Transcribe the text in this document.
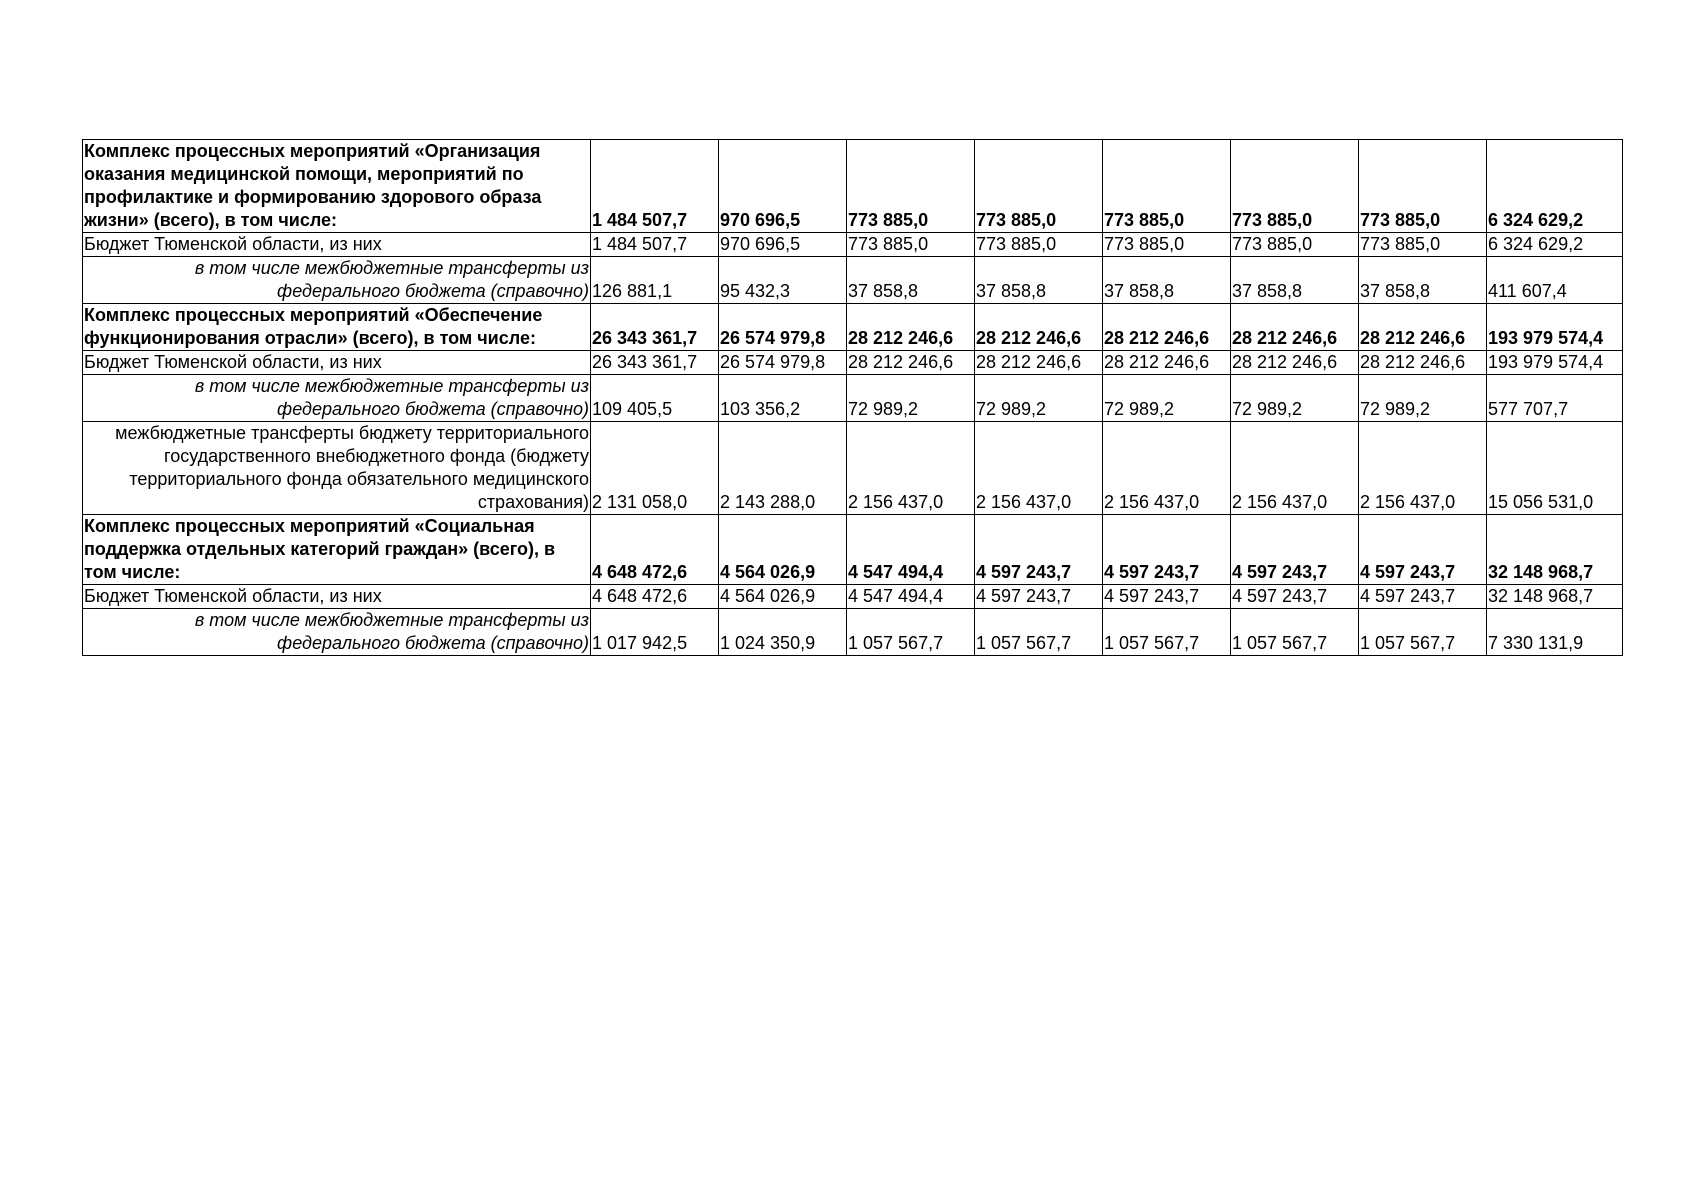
Комплекс процессных мероприятий «Организация оказания медицинской помощи, мероприятий по профилактике и формированию здорового образа жизни» (всего), в том числе:	1 484 507,7	970 696,5	773 885,0	773 885,0	773 885,0	773 885,0	773 885,0	6 324 629,2
Бюджет Тюменской области, из них	1 484 507,7	970 696,5	773 885,0	773 885,0	773 885,0	773 885,0	773 885,0	6 324 629,2
в том числе межбюджетные трансферты из федерального бюджета (справочно)	126 881,1	95 432,3	37 858,8	37 858,8	37 858,8	37 858,8	37 858,8	411 607,4
Комплекс процессных мероприятий «Обеспечение функционирования отрасли» (всего), в том числе:	26 343 361,7	26 574 979,8	28 212 246,6	28 212 246,6	28 212 246,6	28 212 246,6	28 212 246,6	193 979 574,4
Бюджет Тюменской области, из них	26 343 361,7	26 574 979,8	28 212 246,6	28 212 246,6	28 212 246,6	28 212 246,6	28 212 246,6	193 979 574,4
в том числе межбюджетные трансферты из федерального бюджета (справочно)	109 405,5	103 356,2	72 989,2	72 989,2	72 989,2	72 989,2	72 989,2	577 707,7
межбюджетные трансферты бюджету территориального государственного внебюджетного фонда (бюджету территориального фонда обязательного медицинского страхования)	2 131 058,0	2 143 288,0	2 156 437,0	2 156 437,0	2 156 437,0	2 156 437,0	2 156 437,0	15 056 531,0
Комплекс процессных мероприятий «Социальная поддержка отдельных категорий граждан» (всего), в том числе:	4 648 472,6	4 564 026,9	4 547 494,4	4 597 243,7	4 597 243,7	4 597 243,7	4 597 243,7	32 148 968,7
Бюджет Тюменской области, из них	4 648 472,6	4 564 026,9	4 547 494,4	4 597 243,7	4 597 243,7	4 597 243,7	4 597 243,7	32 148 968,7
в том числе межбюджетные трансферты из федерального бюджета (справочно)	1 017 942,5	1 024 350,9	1 057 567,7	1 057 567,7	1 057 567,7	1 057 567,7	1 057 567,7	7 330 131,9
